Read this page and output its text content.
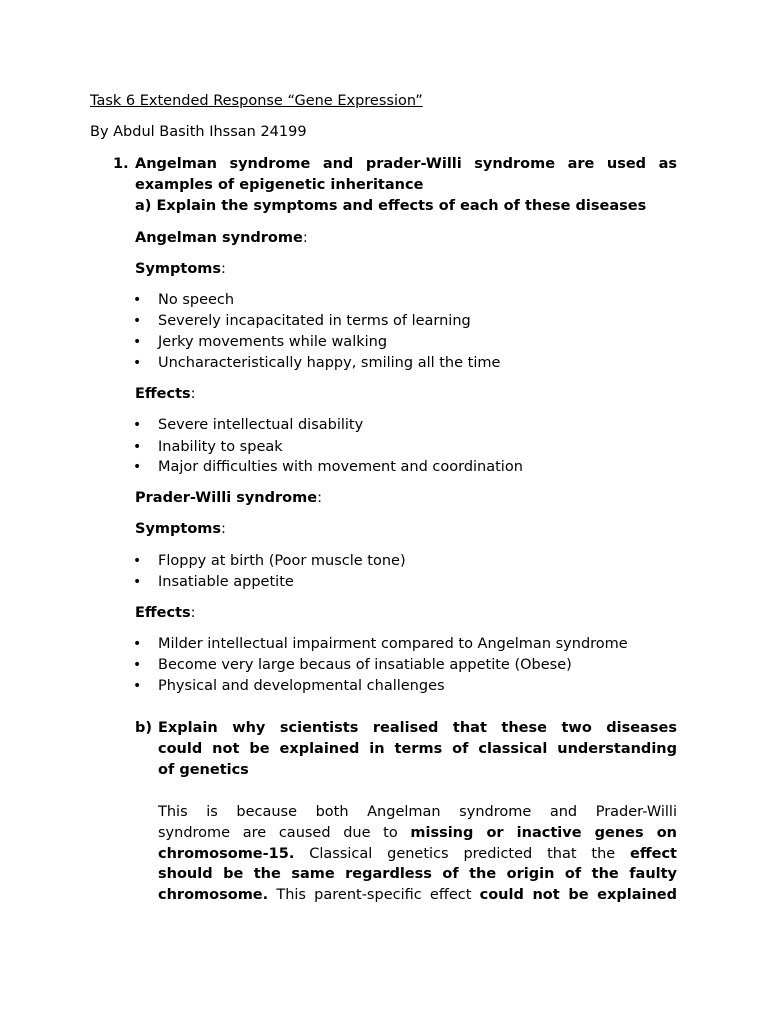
Task 6 Extended Response “Gene Expression”
By Abdul Basith Ihssan 24199
1. Angelman syndrome and prader-Willi syndrome are used as
examples of epigenetic inheritance
a) Explain the symptoms and effects of each of these diseases
Angelman syndrome:
Symptoms:
• No speech
• Severely incapacitated in terms of learning
• Jerky movements while walking
• Uncharacteristically happy, smiling all the time
Effects:
• Severe intellectual disability
• Inability to speak
• Major difficulties with movement and coordination
Prader-Willi syndrome:
Symptoms:
• Floppy at birth (Poor muscle tone)
• Insatiable appetite
Effects:
• Milder intellectual impairment compared to Angelman syndrome
• Become very large becaus of insatiable appetite (Obese)
• Physical and developmental challenges
b) Explain why scientists realised that these two diseases
could not be explained in terms of classical understanding
of genetics
This is because both Angelman syndrome and Prader-Willi
syndrome are caused due to missing or inactive genes on
chromosome-15. Classical genetics predicted that the effect
should be the same regardless of the origin of the faulty
chromosome. This parent-specific effect could not be explained
